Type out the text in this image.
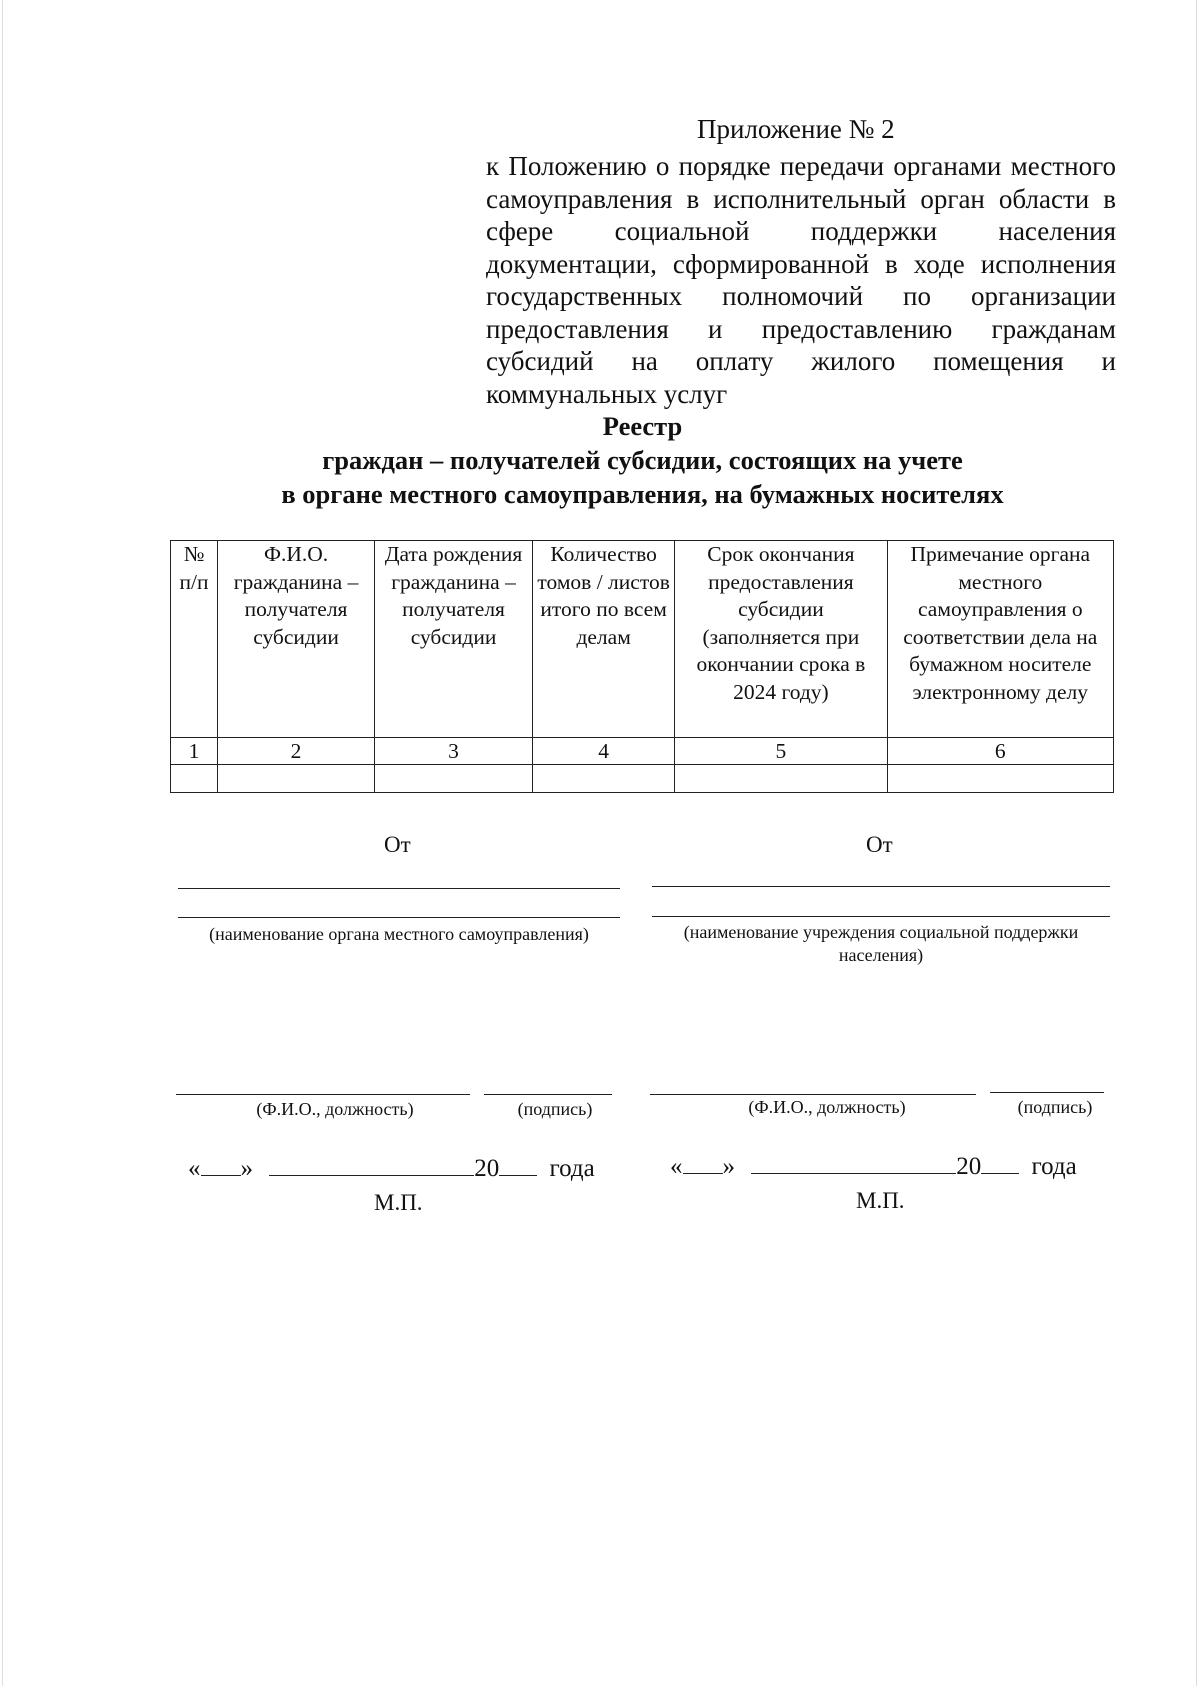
Приложение № 2
к Положению о порядке передачи органами местного самоуправления в исполнительный орган области в сфере социальной поддержки населения документации, сформированной в ходе исполнения государственных полномочий по организации предоставления и предоставлению гражданам субсидий на оплату жилого помещения и коммунальных услуг
Реестр
граждан – получателей субсидии, состоящих на учете
в органе местного самоуправления, на бумажных носителях
№ п/п	Ф.И.О. гражданина – получателя субсидии	Дата рождения гражданина – получателя субсидии	Количество томов / листов итого по всем делам	Срок окончания предоставления субсидии (заполняется при окончании срока в 2024 году)	Примечание органа местного самоуправления о соответствии дела на бумажном носителе электронному делу
1	2	3	4	5	6

От
(наименование органа местного самоуправления)
(Ф.И.О., должность)	(подпись)
« »	20 года
М.П.
От
(наименование учреждения социальной поддержки населения)
(Ф.И.О., должность)	(подпись)
« »	20 года
М.П.
